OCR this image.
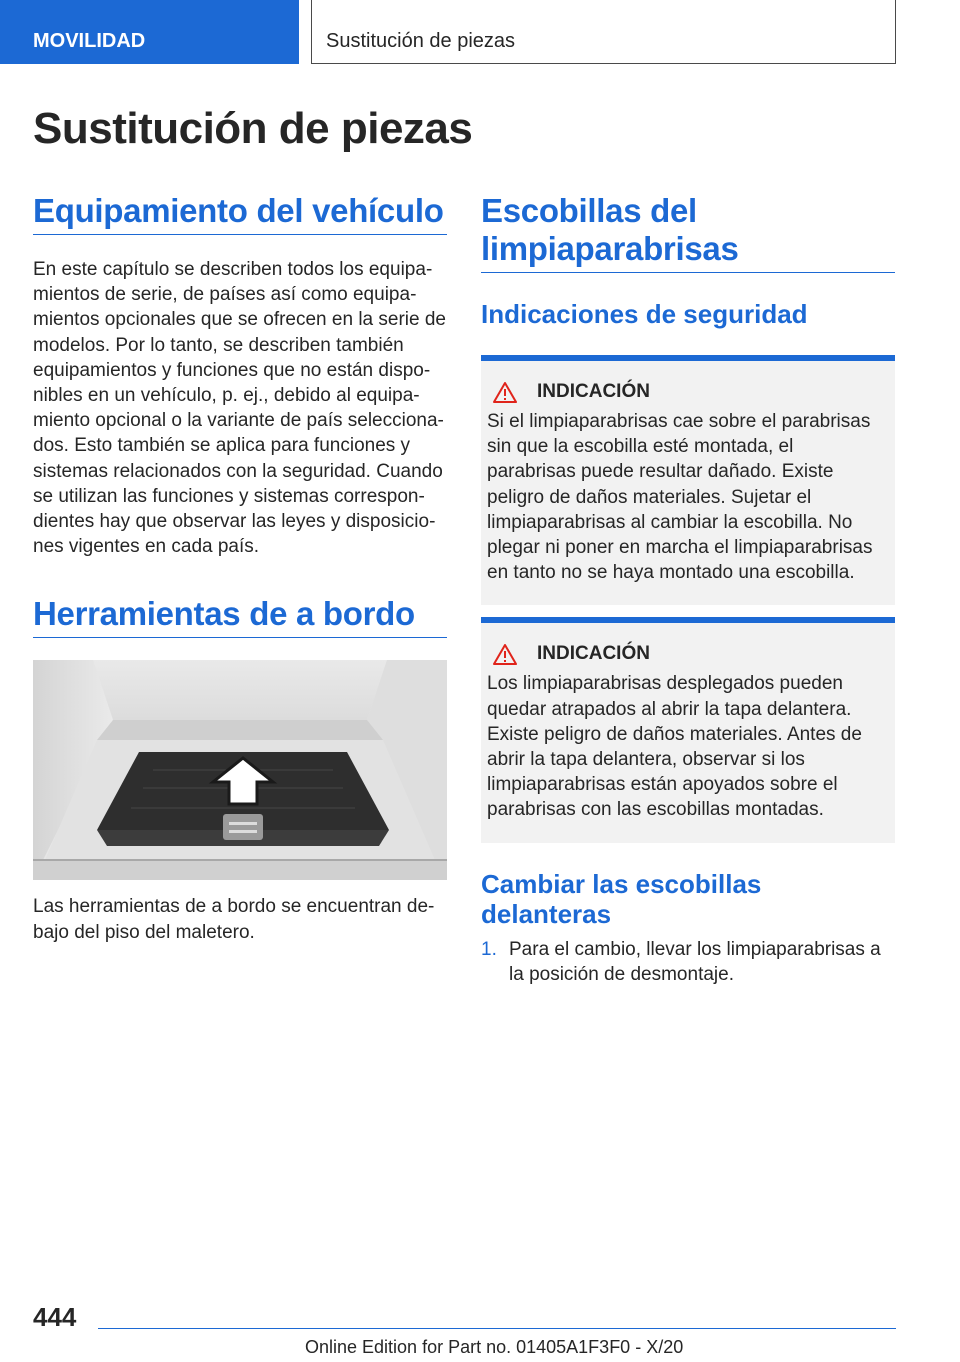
MOVILIDAD	Sustitución de piezas
Sustitución de piezas
Equipamiento del vehículo

En este capítulo se describen todos los equipamientos de serie, de países así como equipamientos opcionales que se ofrecen en la serie de modelos. Por lo tanto, se describen también equipamientos y funciones que no están disponibles en un vehículo, p. ej., debido al equipamiento opcional o la variante de país seleccionados. Esto también se aplica para funciones y sistemas relacionados con la seguridad. Cuando se utilizan las funciones y sistemas correspondientes hay que observar las leyes y disposiciones vigentes en cada país.

Herramientas de a bordo

Las herramientas de a bordo se encuentran debajo del piso del maletero.

Escobillas del limpiaparabrisas
Indicaciones de seguridad
INDICACIÓN

Si el limpiaparabrisas cae sobre el parabrisas sin que la escobilla esté montada, el parabrisas puede resultar dañado. Existe peligro de daños materiales. Sujetar el limpiaparabrisas al cambiar la escobilla. No plegar ni poner en marcha el limpiaparabrisas en tanto no se haya montado una escobilla.

INDICACIÓN

Los limpiaparabrisas desplegados pueden quedar atrapados al abrir la tapa delantera. Existe peligro de daños materiales. Antes de abrir la tapa delantera, observar si los limpiaparabrisas están apoyados sobre el parabrisas con las escobillas montadas.

Cambiar las escobillas delanteras
1. Para el cambio, llevar los limpiaparabrisas a la posición de desmontaje.
444
Online Edition for Part no. 01405A1F3F0 - X/20
